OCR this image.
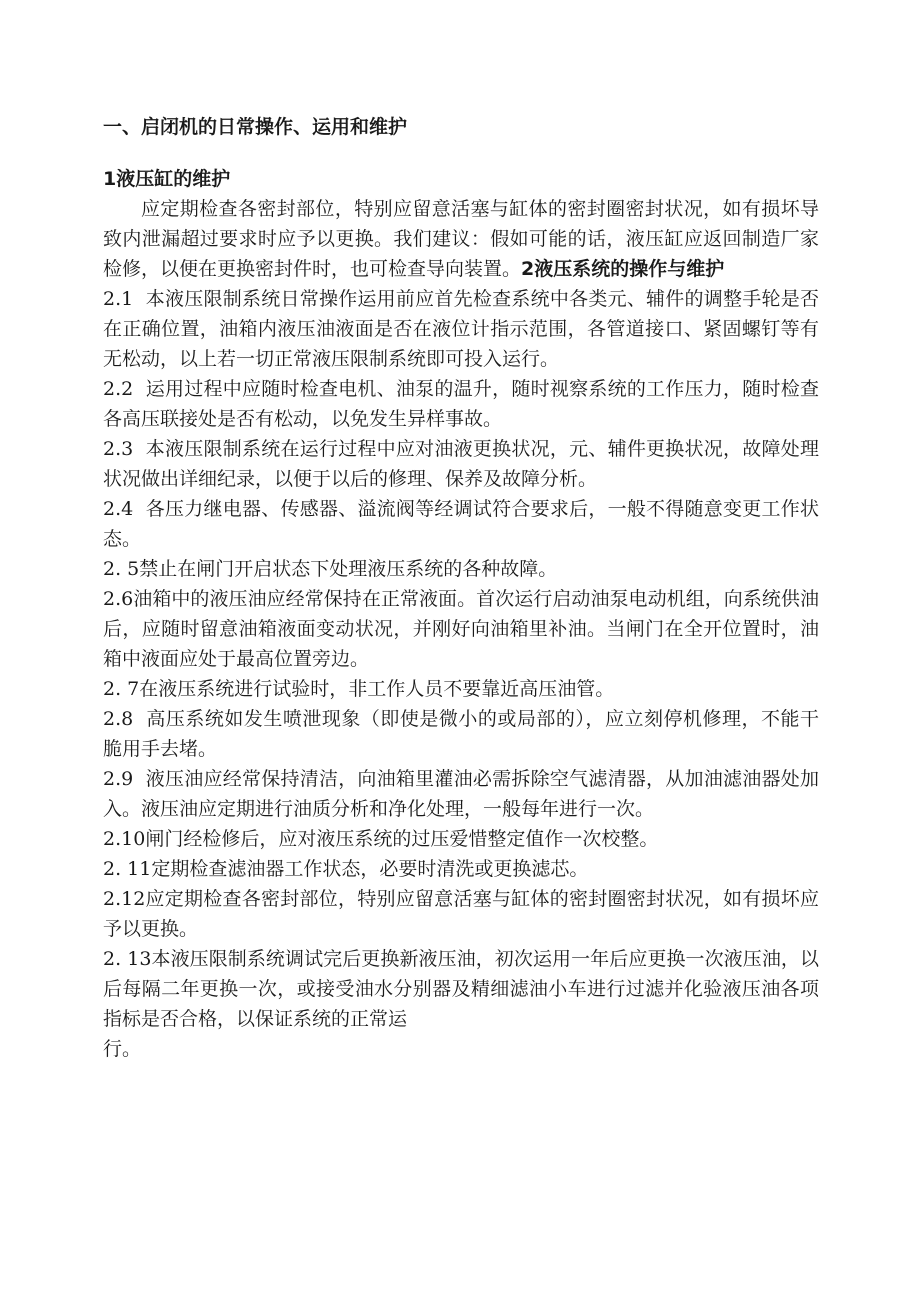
一、启闭机的日常操作、运用和维护

1液压缸的维护

应定期检查各密封部位，特别应留意活塞与缸体的密封圈密封状况，如有损坏导致内泄漏超过要求时应予以更换。我们建议：假如可能的话，液压缸应返回制造厂家检修，以便在更换密封件时，也可检查导向装置。2液压系统的操作与维护

2.1  本液压限制系统日常操作运用前应首先检查系统中各类元、辅件的调整手轮是否在正确位置，油箱内液压油液面是否在液位计指示范围，各管道接口、紧固螺钉等有无松动，以上若一切正常液压限制系统即可投入运行。

2.2  运用过程中应随时检查电机、油泵的温升，随时视察系统的工作压力，随时检查各高压联接处是否有松动，以免发生异样事故。

2.3  本液压限制系统在运行过程中应对油液更换状况，元、辅件更换状况，故障处理状况做出详细纪录，以便于以后的修理、保养及故障分析。

2.4  各压力继电器、传感器、溢流阀等经调试符合要求后，一般不得随意变更工作状态。

2. 5禁止在闸门开启状态下处理液压系统的各种故障。

2.6油箱中的液压油应经常保持在正常液面。首次运行启动油泵电动机组，向系统供油后，应随时留意油箱液面变动状况，并刚好向油箱里补油。当闸门在全开位置时，油箱中液面应处于最高位置旁边。

2. 7在液压系统进行试验时，非工作人员不要靠近高压油管。

2.8  高压系统如发生喷泄现象（即使是微小的或局部的），应立刻停机修理，不能干脆用手去堵。

2.9  液压油应经常保持清洁，向油箱里灌油必需拆除空气滤清器，从加油滤油器处加入。液压油应定期进行油质分析和净化处理，一般每年进行一次。

2.10闸门经检修后，应对液压系统的过压爱惜整定值作一次校整。

2. 11定期检查滤油器工作状态，必要时清洗或更换滤芯。

2.12应定期检查各密封部位，特别应留意活塞与缸体的密封圈密封状况，如有损坏应予以更换。

2. 13本液压限制系统调试完后更换新液压油，初次运用一年后应更换一次液压油，以后每隔二年更换一次，或接受油水分别器及精细滤油小车进行过滤并化验液压油各项指标是否合格，以保证系统的正常运

行。
